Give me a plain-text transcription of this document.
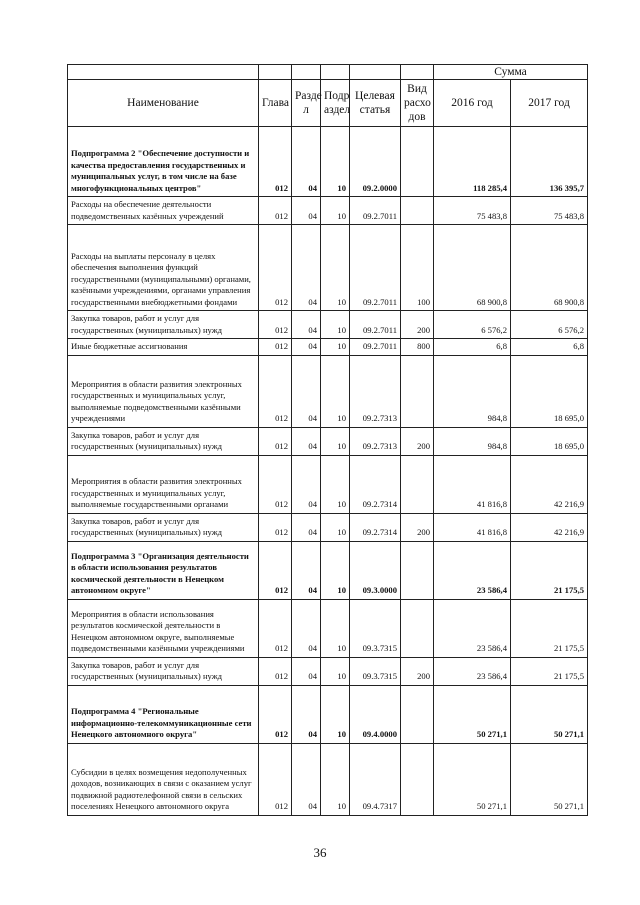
						Сумма	
Наименование	Глава	Разде л	Подр аздел	Целевая статья	Вид расхо дов	2016 год	2017 год
Подпрограмма 2 "Обеспечение доступности и качества предоставления государственных и муниципальных услуг, в том числе на базе многофункциональных центров"	012	04	10	09.2.0000		118 285,4	136 395,7
Расходы на обеспечение деятельности подведомственных казённых учреждений	012	04	10	09.2.7011		75 483,8	75 483,8
Расходы на выплаты персоналу в целях обеспечения выполнения функций государственными (муниципальными) органами, казёнными учреждениями, органами управления государственными внебюджетными фондами	012	04	10	09.2.7011	100	68 900,8	68 900,8
Закупка товаров, работ и услуг для государственных (муниципальных) нужд	012	04	10	09.2.7011	200	6 576,2	6 576,2
Иные бюджетные ассигнования	012	04	10	09.2.7011	800	6,8	6,8
Мероприятия в области развития электронных государственных и муниципальных услуг, выполняемые подведомственными казёнными учреждениями	012	04	10	09.2.7313		984,8	18 695,0
Закупка товаров, работ и услуг для государственных (муниципальных) нужд	012	04	10	09.2.7313	200	984,8	18 695,0
Мероприятия в области развития электронных государственных и муниципальных услуг, выполняемые государственными органами	012	04	10	09.2.7314		41 816,8	42 216,9
Закупка товаров, работ и услуг для государственных (муниципальных) нужд	012	04	10	09.2.7314	200	41 816,8	42 216,9
Подпрограмма 3 "Организация деятельности в области использования результатов космической деятельности в Ненецком автономном округе"	012	04	10	09.3.0000		23 586,4	21 175,5
Мероприятия в области использования результатов космической деятельности в Ненецком автономном округе, выполняемые подведомственными казёнными учреждениями	012	04	10	09.3.7315		23 586,4	21 175,5
Закупка товаров, работ и услуг для государственных (муниципальных) нужд	012	04	10	09.3.7315	200	23 586,4	21 175,5
Подпрограмма 4 "Региональные информационно-телекоммуникационные сети Ненецкого автономного округа"	012	04	10	09.4.0000		50 271,1	50 271,1
Субсидии в целях возмещения недополученных доходов, возникающих в связи с оказанием услуг подвижной радиотелефонной связи в сельских поселениях Ненецкого автономного округа	012	04	10	09.4.7317		50 271,1	50 271,1
36
